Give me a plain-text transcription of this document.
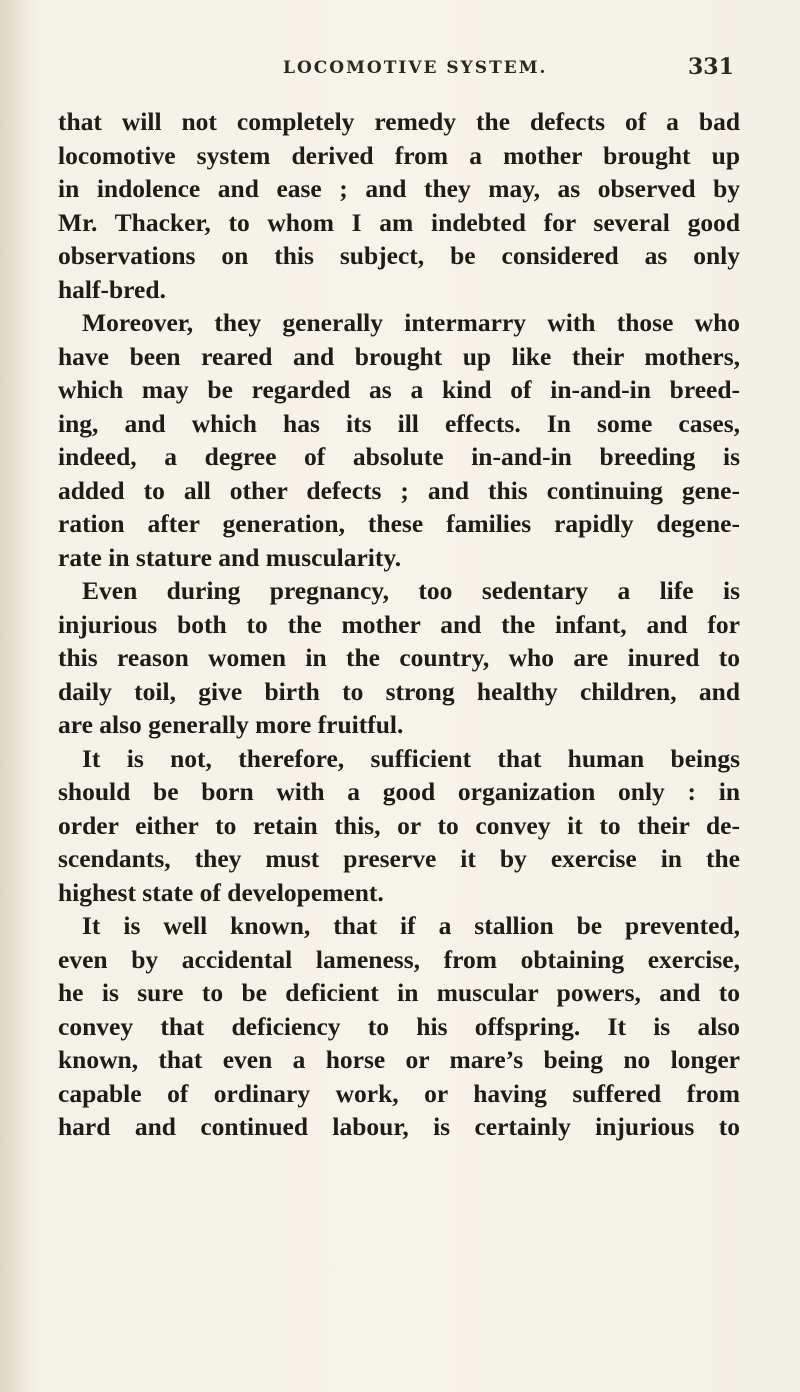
LOCOMOTIVE SYSTEM.	331
that will not completely remedy the defects of a bad
locomotive system derived from a mother brought up
in indolence and ease ; and they may, as observed by
Mr. Thacker, to whom I am indebted for several good
observations on this subject, be considered as only
half-bred.
Moreover, they generally intermarry with those who
have been reared and brought up like their mothers,
which may be regarded as a kind of in-and-in breed-
ing, and which has its ill effects. In some cases,
indeed, a degree of absolute in-and-in breeding is
added to all other defects ; and this continuing gene-
ration after generation, these families rapidly degene-
rate in stature and muscularity.
Even during pregnancy, too sedentary a life is
injurious both to the mother and the infant, and for
this reason women in the country, who are inured to
daily toil, give birth to strong healthy children, and
are also generally more fruitful.
It is not, therefore, sufficient that human beings
should be born with a good organization only : in
order either to retain this, or to convey it to their de-
scendants, they must preserve it by exercise in the
highest state of developement.
It is well known, that if a stallion be prevented,
even by accidental lameness, from obtaining exercise,
he is sure to be deficient in muscular powers, and to
convey that deficiency to his offspring. It is also
known, that even a horse or mare’s being no longer
capable of ordinary work, or having suffered from
hard and continued labour, is certainly injurious to
